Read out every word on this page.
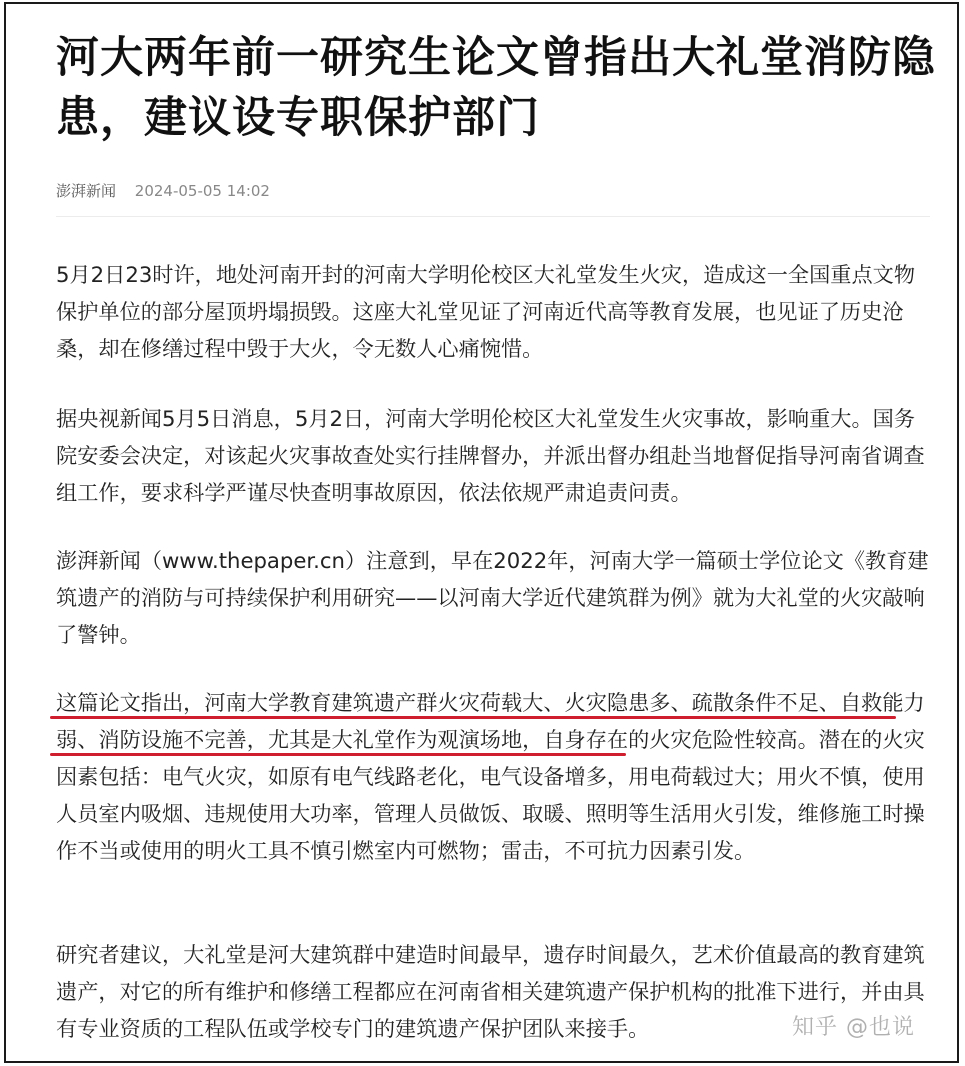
河大两年前一研究生论文曾指出大礼堂消防隐患，建议设专职保护部门
澎湃新闻 2024-05-05 14:02

5月2日23时许，地处河南开封的河南大学明伦校区大礼堂发生火灾，造成这一全国重点文物保护单位的部分屋顶坍塌损毁。这座大礼堂见证了河南近代高等教育发展，也见证了历史沧桑，却在修缮过程中毁于大火，令无数人心痛惋惜。

据央视新闻5月5日消息，5月2日，河南大学明伦校区大礼堂发生火灾事故，影响重大。国务院安委会决定，对该起火灾事故查处实行挂牌督办，并派出督办组赴当地督促指导河南省调查组工作，要求科学严谨尽快查明事故原因，依法依规严肃追责问责。

澎湃新闻（www.thepaper.cn）注意到，早在2022年，河南大学一篇硕士学位论文《教育建筑遗产的消防与可持续保护利用研究——以河南大学近代建筑群为例》就为大礼堂的火灾敲响了警钟。

这篇论文指出，河南大学教育建筑遗产群火灾荷载大、火灾隐患多、疏散条件不足、自救能力弱、消防设施不完善，尤其是大礼堂作为观演场地，自身存在的火灾危险性较高。潜在的火灾因素包括：电气火灾，如原有电气线路老化，电气设备增多，用电荷载过大；用火不慎，使用人员室内吸烟、违规使用大功率，管理人员做饭、取暖、照明等生活用火引发，维修施工时操作不当或使用的明火工具不慎引燃室内可燃物；雷击，不可抗力因素引发。

研究者建议，大礼堂是河大建筑群中建造时间最早，遗存时间最久，艺术价值最高的教育建筑遗产，对它的所有维护和修缮工程都应在河南省相关建筑遗产保护机构的批准下进行，并由具有专业资质的工程队伍或学校专门的建筑遗产保护团队来接手。	知乎 @也说
